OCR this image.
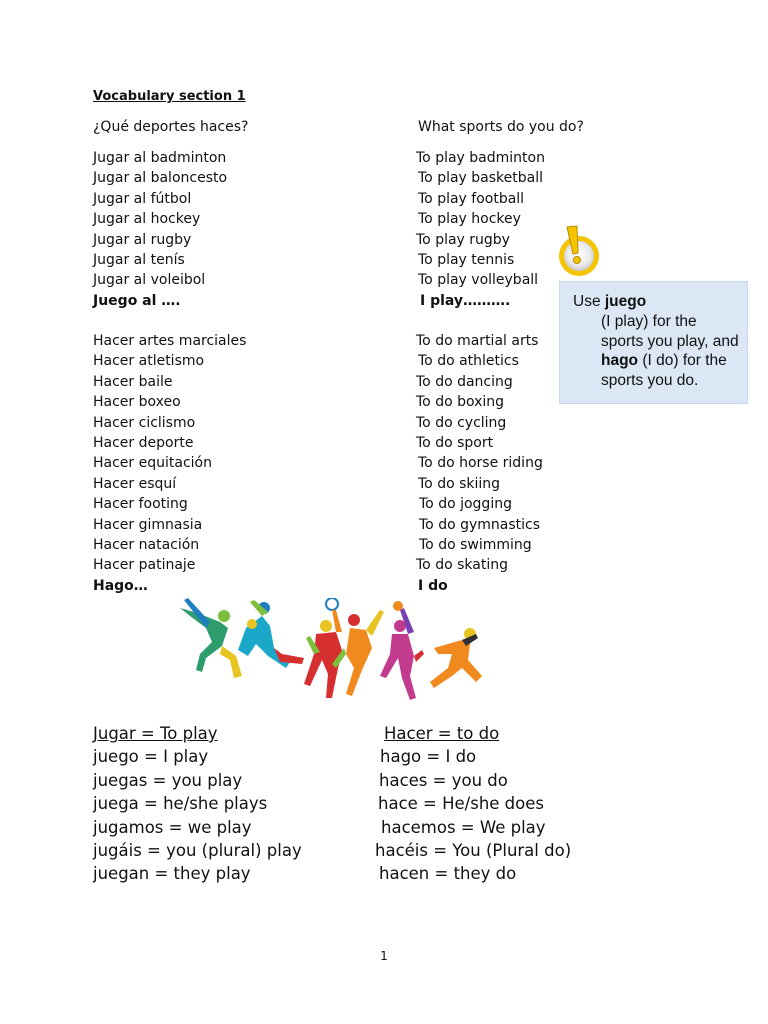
Vocabulary section 1
¿Qué deportes haces?	What sports do you do?
Jugar al badminton
Jugar al baloncesto
Jugar al fútbol
Jugar al hockey
Jugar al rugby
Jugar al tenís
Jugar al voleibol
Juego al ….
To play badminton
To play basketball
To play football
To play hockey
To play rugby
To play tennis
To play volleyball
I play……….
Hacer artes marciales
Hacer atletismo
Hacer baile
Hacer boxeo
Hacer ciclismo
Hacer deporte
Hacer equitación
Hacer esquí
Hacer footing
Hacer gimnasia
Hacer natación
Hacer patinaje
Hago…
To do martial arts
To do athletics
To do dancing
To do boxing
To do cycling
To do sport
To do horse riding
To do skiing
To do jogging
To do gymnastics
To do swimming
To do skating
I do
Use juego
(I play) for the sports you play, and hago (I do) for the sports you do.
Jugar = To play
juego = I play
juegas = you play
juega = he/she plays
jugamos = we play
jugáis = you (plural) play
juegan = they play
Hacer = to do
hago = I do
haces = you do
hace = He/she does
hacemos = We play
hacéis = You (Plural do)
hacen = they do
1
